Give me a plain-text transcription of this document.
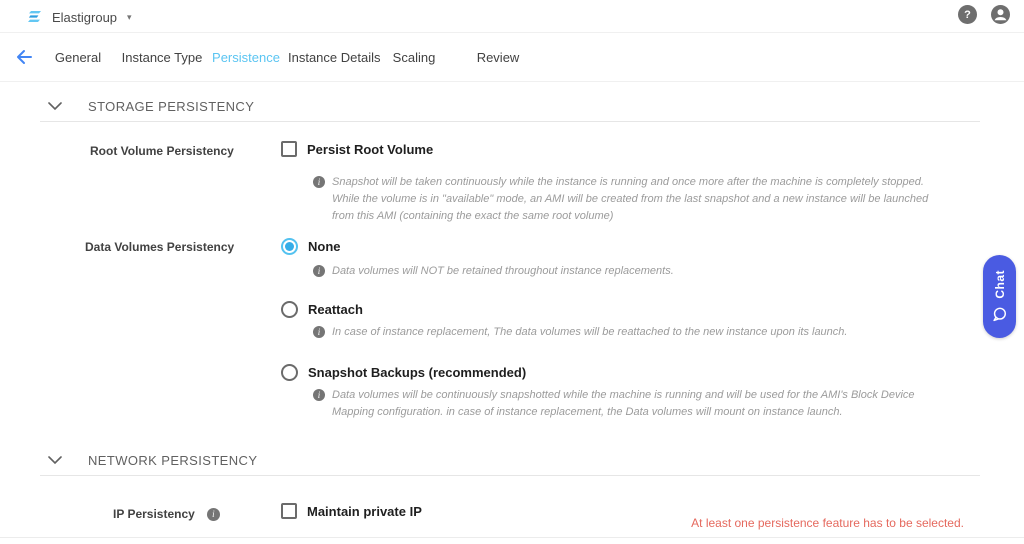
Elastigroup ▾	?
General	Instance Type Persistence Instance Details Scaling	Review
STORAGE PERSISTENCY
Root Volume Persistency	Persist Root Volume
i	Snapshot will be taken continuously while the instance is running and once more after the machine is completely stopped. While the volume is in "available" mode, an AMI will be created from the last snapshot and a new instance will be launched from this AMI (containing the exact the same root volume)
Data Volumes Persistency	None
i	Data volumes will NOT be retained throughout instance replacements.
Reattach
i	In case of instance replacement, The data volumes will be reattached to the new instance upon its launch.
Snapshot Backups (recommended)
i	Data volumes will be continuously snapshotted while the machine is running and will be used for the AMI's Block Device Mapping configuration. in case of instance replacement, the Data volumes will mount on instance launch.
NETWORK PERSISTENCY
IP Persistency	i	Maintain private IP
At least one persistence feature has to be selected.
Chat
